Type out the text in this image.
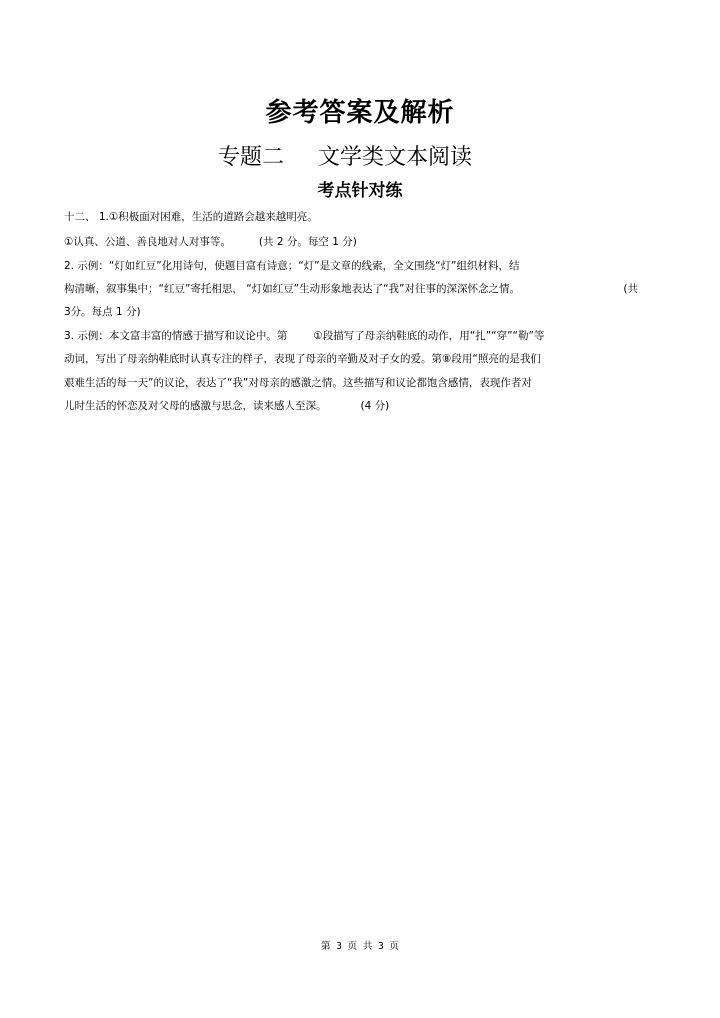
参考答案及解析
专题二 文学类文本阅读
考点针对练
十二、 1.①积极面对困难，生活的道路会越来越明亮。
①认真、公道、善良地对人对事等。	(共 2 分。每空 1 分)
2. 示例：“灯如红豆”化用诗句，使题目富有诗意；“灯”是文章的线索，全文围绕“灯”组织材料，结
构清晰，叙事集中；“红豆”寄托相思， “灯如红豆”生动形象地表达了“我”对往事的深深怀念之情。	(共
3分。每点 1 分)
3. 示例：本文富丰富的情感于描写和议论中。第 ①段描写了母亲纳鞋底的动作，用“扎”“穿”“勒”等
动词，写出了母亲纳鞋底时认真专注的样子，表现了母亲的辛勤及对子女的爱。第⑧段用“照亮的是我们
艰难生活的每一天”的议论，表达了“我”对母亲的感激之情。这些描写和议论都饱含感情，表现作者对
儿时生活的怀恋及对父母的感激与思念，读来感人至深。	(4 分)
第 3 页 共 3 页
